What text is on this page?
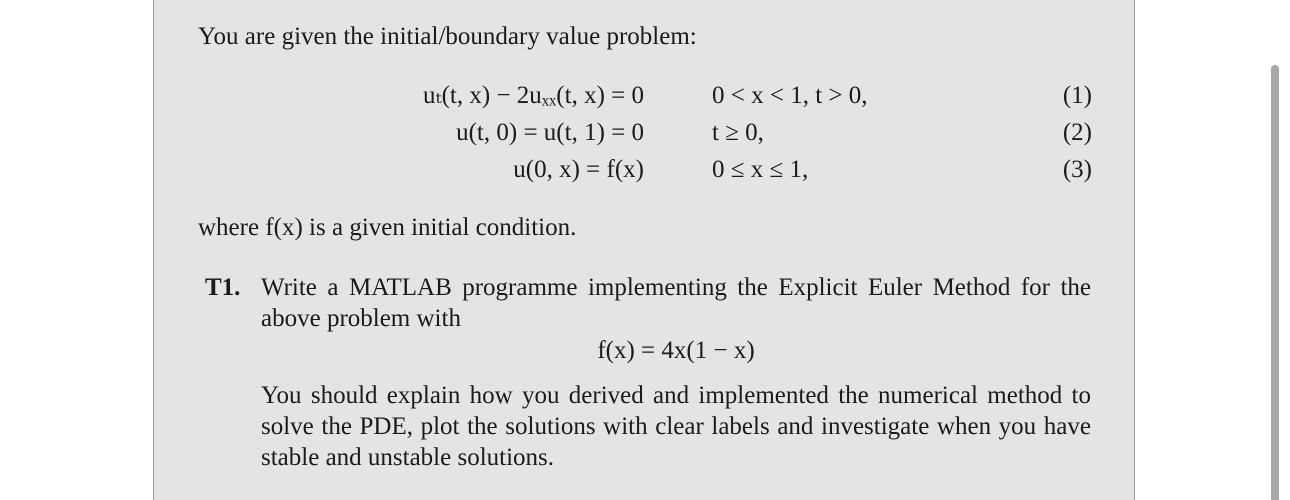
You are given the initial/boundary value problem:
uₜ(t, x) − 2uₓₓ(t, x) = 0	0 < x < 1, t > 0,	(1)
u(t, 0) = u(t, 1) = 0	t ≥ 0,	(2)
u(0, x) = f(x)	0 ≤ x ≤ 1,	(3)
where f(x) is a given initial condition.
T1. Write a MATLAB programme implementing the Explicit Euler Method for the above problem with
f(x) = 4x(1 − x)
You should explain how you derived and implemented the numerical method to solve the PDE, plot the solutions with clear labels and investigate when you have stable and unstable solutions.
